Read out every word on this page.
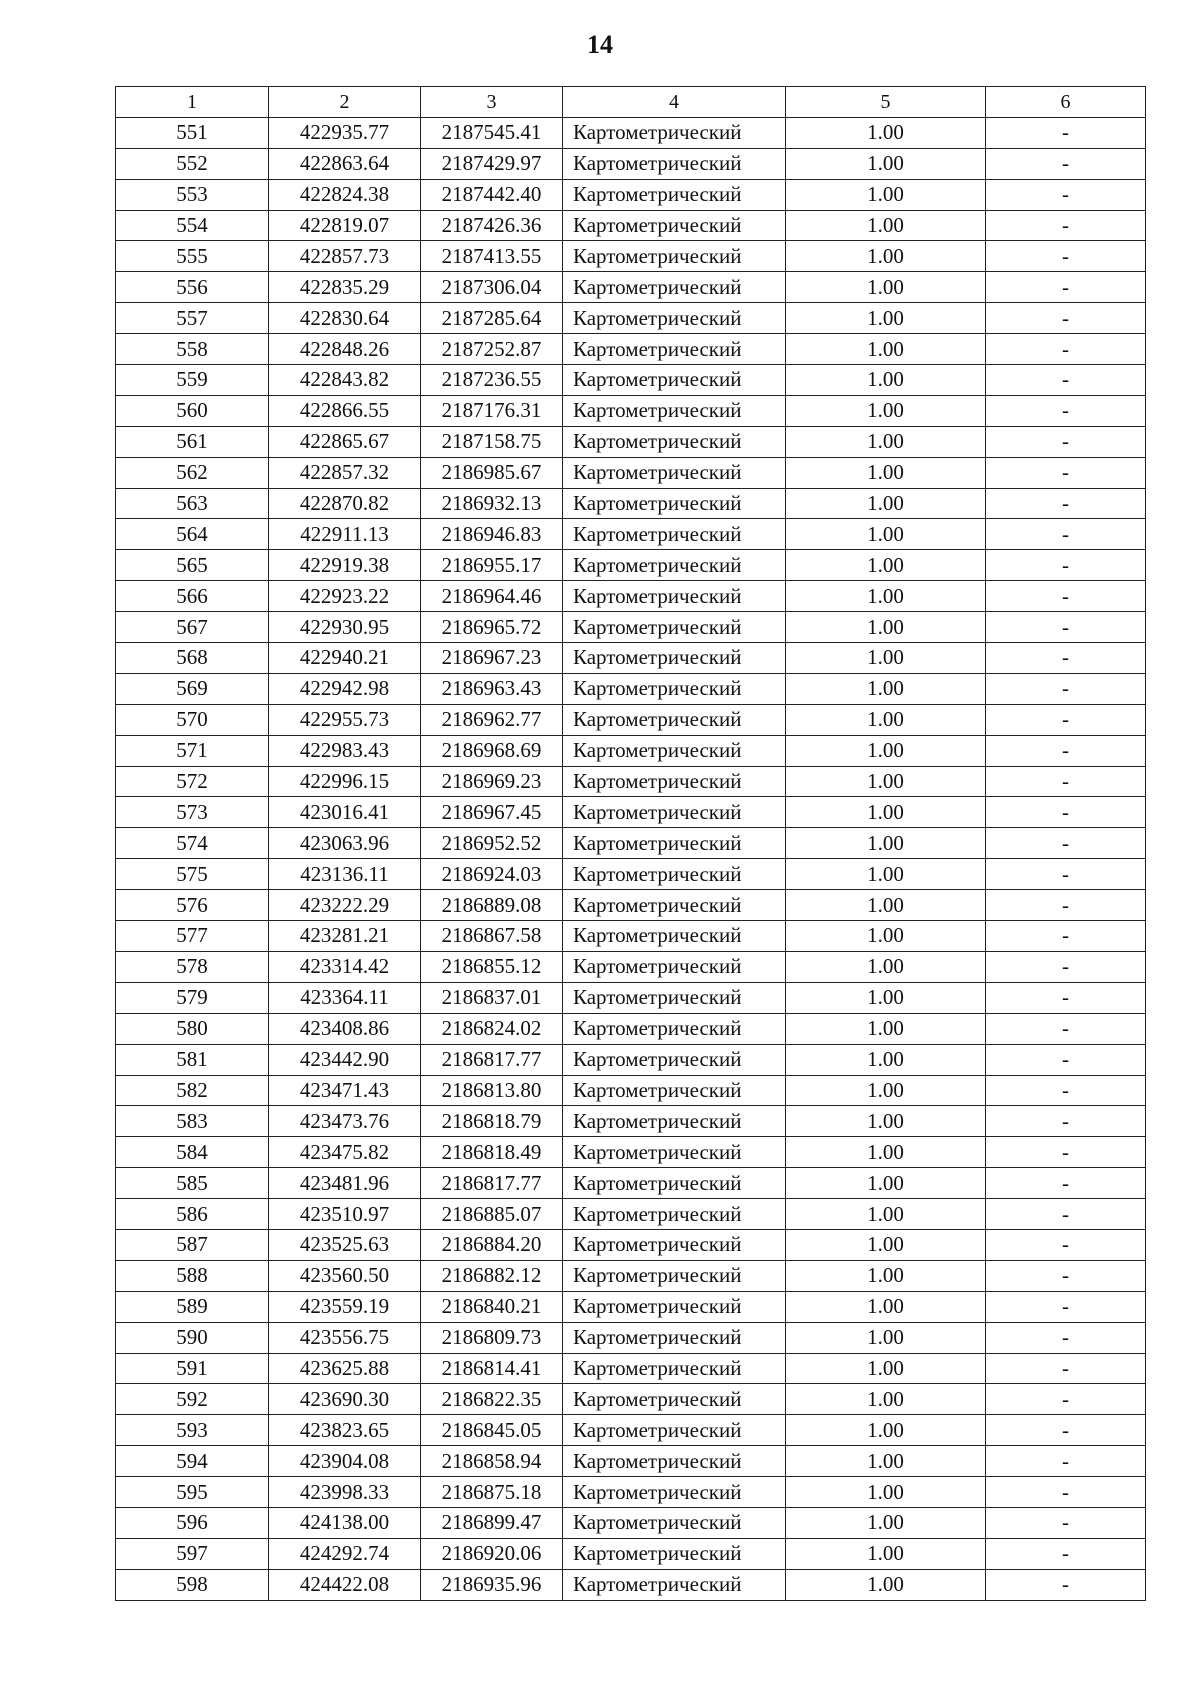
14
1	2	3	4	5	6
551	422935.77	2187545.41	Картометрический	1.00	-
552	422863.64	2187429.97	Картометрический	1.00	-
553	422824.38	2187442.40	Картометрический	1.00	-
554	422819.07	2187426.36	Картометрический	1.00	-
555	422857.73	2187413.55	Картометрический	1.00	-
556	422835.29	2187306.04	Картометрический	1.00	-
557	422830.64	2187285.64	Картометрический	1.00	-
558	422848.26	2187252.87	Картометрический	1.00	-
559	422843.82	2187236.55	Картометрический	1.00	-
560	422866.55	2187176.31	Картометрический	1.00	-
561	422865.67	2187158.75	Картометрический	1.00	-
562	422857.32	2186985.67	Картометрический	1.00	-
563	422870.82	2186932.13	Картометрический	1.00	-
564	422911.13	2186946.83	Картометрический	1.00	-
565	422919.38	2186955.17	Картометрический	1.00	-
566	422923.22	2186964.46	Картометрический	1.00	-
567	422930.95	2186965.72	Картометрический	1.00	-
568	422940.21	2186967.23	Картометрический	1.00	-
569	422942.98	2186963.43	Картометрический	1.00	-
570	422955.73	2186962.77	Картометрический	1.00	-
571	422983.43	2186968.69	Картометрический	1.00	-
572	422996.15	2186969.23	Картометрический	1.00	-
573	423016.41	2186967.45	Картометрический	1.00	-
574	423063.96	2186952.52	Картометрический	1.00	-
575	423136.11	2186924.03	Картометрический	1.00	-
576	423222.29	2186889.08	Картометрический	1.00	-
577	423281.21	2186867.58	Картометрический	1.00	-
578	423314.42	2186855.12	Картометрический	1.00	-
579	423364.11	2186837.01	Картометрический	1.00	-
580	423408.86	2186824.02	Картометрический	1.00	-
581	423442.90	2186817.77	Картометрический	1.00	-
582	423471.43	2186813.80	Картометрический	1.00	-
583	423473.76	2186818.79	Картометрический	1.00	-
584	423475.82	2186818.49	Картометрический	1.00	-
585	423481.96	2186817.77	Картометрический	1.00	-
586	423510.97	2186885.07	Картометрический	1.00	-
587	423525.63	2186884.20	Картометрический	1.00	-
588	423560.50	2186882.12	Картометрический	1.00	-
589	423559.19	2186840.21	Картометрический	1.00	-
590	423556.75	2186809.73	Картометрический	1.00	-
591	423625.88	2186814.41	Картометрический	1.00	-
592	423690.30	2186822.35	Картометрический	1.00	-
593	423823.65	2186845.05	Картометрический	1.00	-
594	423904.08	2186858.94	Картометрический	1.00	-
595	423998.33	2186875.18	Картометрический	1.00	-
596	424138.00	2186899.47	Картометрический	1.00	-
597	424292.74	2186920.06	Картометрический	1.00	-
598	424422.08	2186935.96	Картометрический	1.00	-
